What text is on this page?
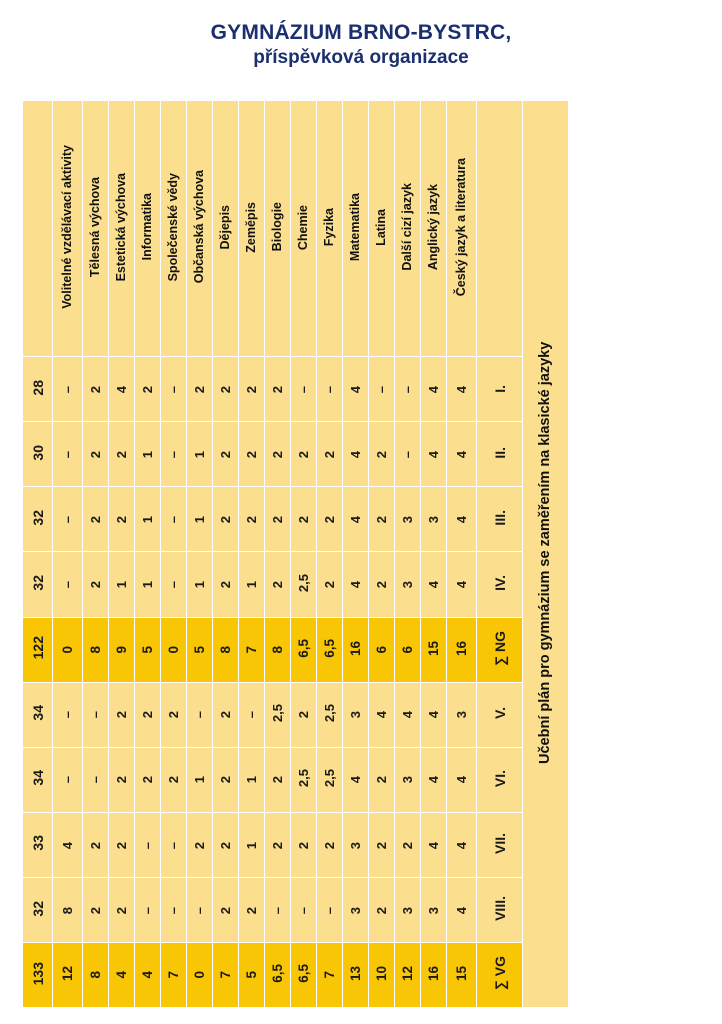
GYMNÁZIUM BRNO-BYSTRC,
příspěvková organizace
	Volitelné vzdělávací aktivity	Tělesná výchova	Estetická výchova	Informatika	Společenské vědy	Občanská výchova	Dějepis	Zeměpis	Biologie	Chemie	Fyzika	Matematika	Latina	Další cizí jazyk	Anglický jazyk	Český jazyk a literatura		Učební plán pro gymnázium se zaměřením na klasické jazyky
28	–	2	4	2	–	2	2	2	2	–	–	4	–	–	4	4	I.	
30	–	2	2	1	–	1	2	2	2	2	2	4	2	–	4	4	II.	
32	–	2	2	1	–	1	2	2	2	2	2	4	2	3	3	4	III.	
32	–	2	1	1	–	1	2	1	2	2,5	2	4	2	3	4	4	IV.	
122	0	8	9	5	0	5	8	7	8	6,5	6,5	16	6	6	15	16	∑ NG	
34	–	–	2	2	2	–	2	–	2,5	2	2,5	3	4	4	4	3	V.	
34	–	–	2	2	2	1	2	1	2	2,5	2,5	4	2	3	4	4	VI.	
33	4	2	2	–	–	2	2	1	2	2	2	3	2	2	4	4	VII.	
32	8	2	2	–	–	–	2	2	–	–	–	3	2	3	3	4	VIII.	
133	12	8	4	4	7	0	7	5	6,5	6,5	7	13	10	12	16	15	∑ VG	
